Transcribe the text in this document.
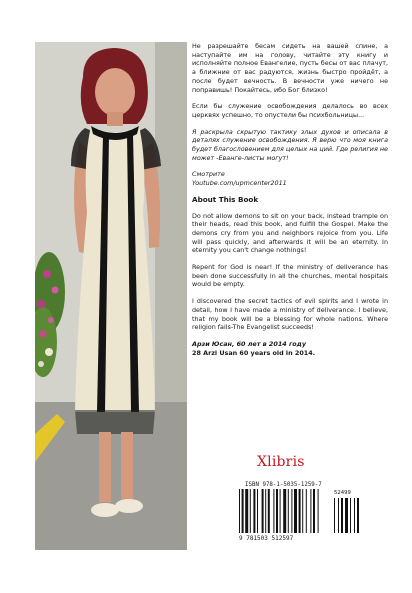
Не разрешайте бесам сидеть на вашей спине, а наступайте им на голову, читайте эту книгу и исполняйте полное Евангелие, пусть бесы от вас плачут, а ближние от вас радуются, жизнь быстро пройдёт, а после будет вечность. В вечности уже ничего не поправишь! Покайтесь, ибо Бог близко!

Если бы служение освобождения делалось во всех церквях успешно, то опустели бы психбольницы...

Я раскрыла скрытую тактику злых духов и описала в деталях служение освобождения. Я верю что моя книга будет благословением для целых на ций. Где религия не может -Еванге-листы могут!

Смотрите

Youtube.com/upmcenter2011

About This Book

Do not allow demons to sit on your back, instead trample on their heads, read this book, and fulfill the Gospel. Make the demons cry from you and neighbors rejoice from you. Life will pass quickly, and afterwards it will be an eternity. In eternity you can't change nothings!

Repent for God is near! If the ministry of deliverance has been done successfully in all the churches, mental hospitals would be empty.

I discovered the secret tactics of evil spirits and I wrote in detail, how I have made a ministry of deliverance. I believe, that my book will be a blessing for whole nations. Where religion fails-The Evangelist succeeds!

Арзи Юсан, 60 лет в 2014 году

28 Arzi Usan 60 years old in 2014.

Xlibris
ISBN 978-1-5035-1259-7
52499
9 781503 512597
